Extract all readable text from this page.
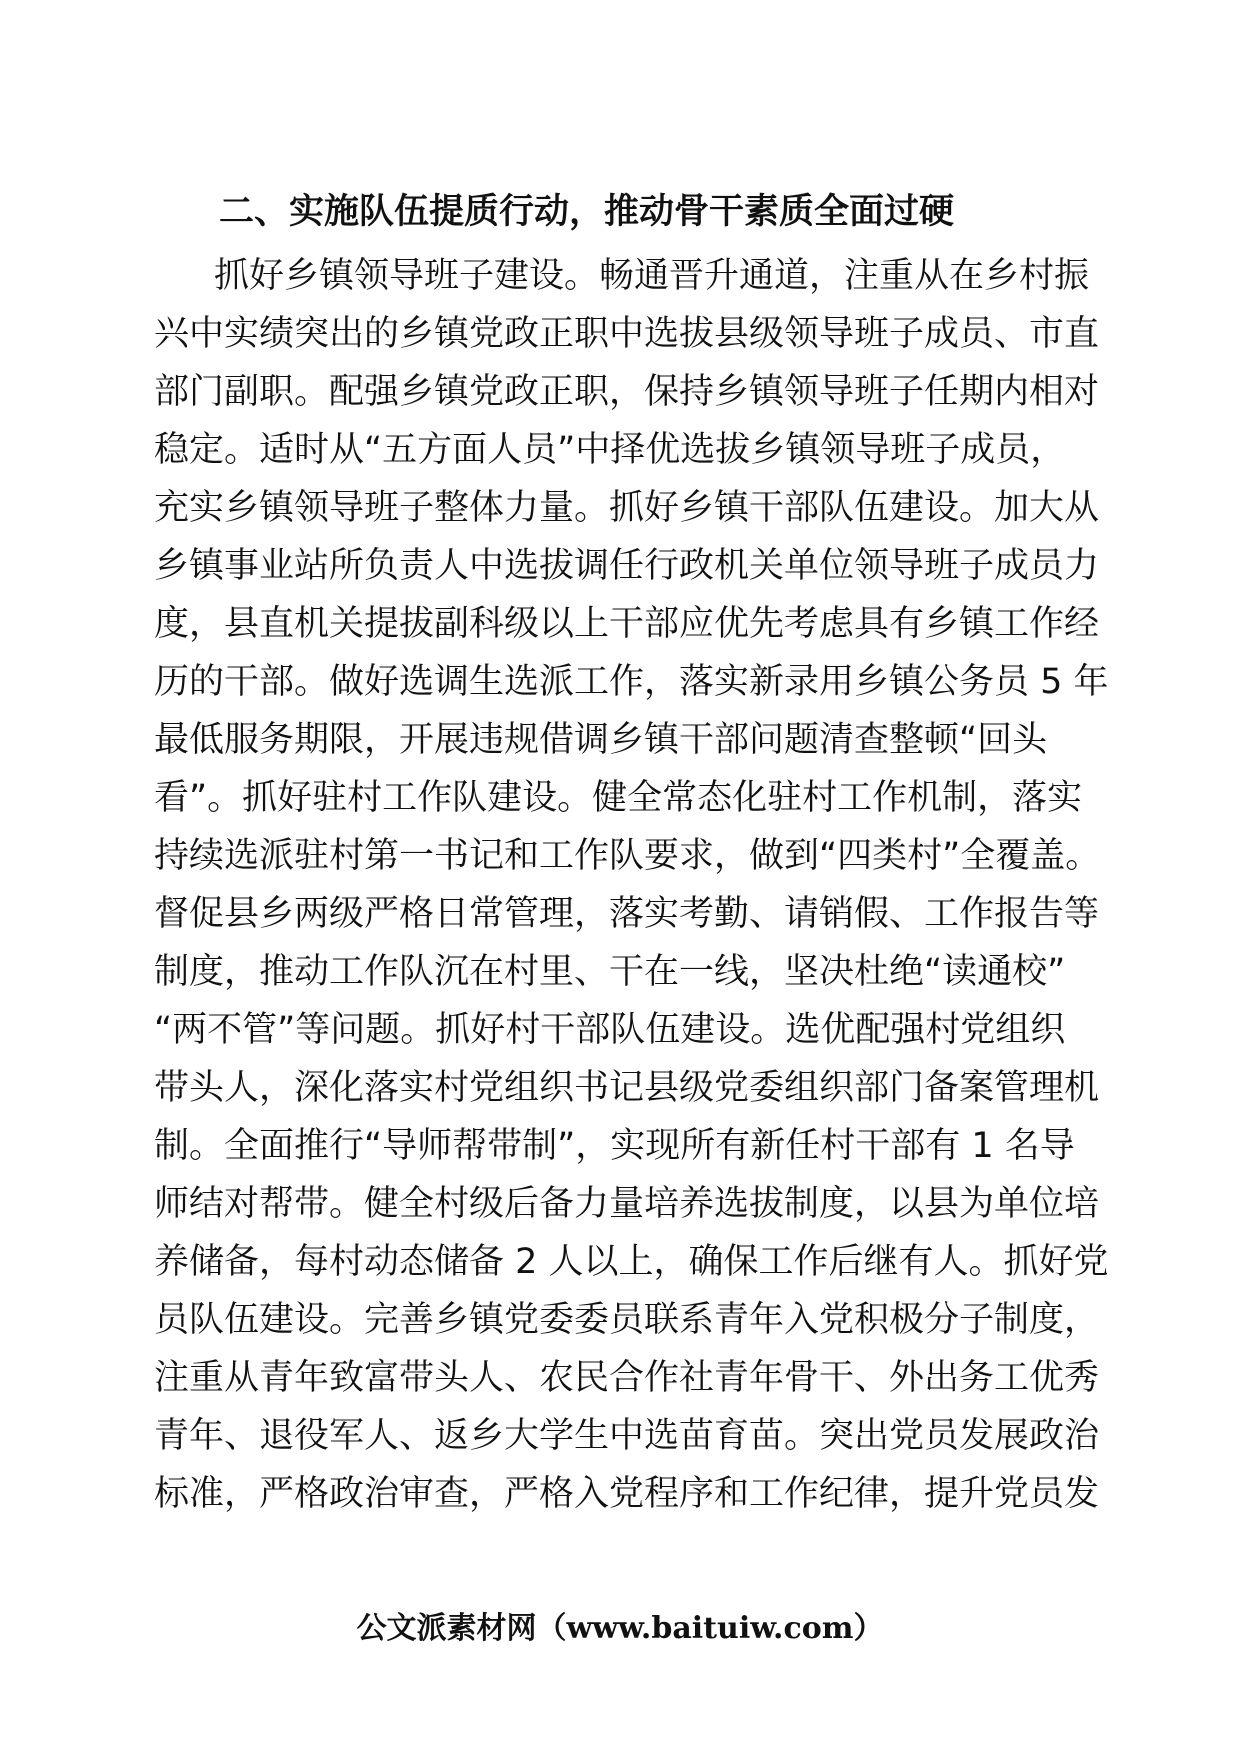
二、实施队伍提质行动，推动骨干素质全面过硬
抓好乡镇领导班子建设。畅通晋升通道，注重从在乡村振
兴中实绩突出的乡镇党政正职中选拔县级领导班子成员、市直
部门副职。配强乡镇党政正职，保持乡镇领导班子任期内相对
稳定。适时从“五方面人员”中择优选拔乡镇领导班子成员，
充实乡镇领导班子整体力量。抓好乡镇干部队伍建设。加大从
乡镇事业站所负责人中选拔调任行政机关单位领导班子成员力
度，县直机关提拔副科级以上干部应优先考虑具有乡镇工作经
历的干部。做好选调生选派工作，落实新录用乡镇公务员 5 年
最低服务期限，开展违规借调乡镇干部问题清查整顿“回头
看”。抓好驻村工作队建设。健全常态化驻村工作机制，落实
持续选派驻村第一书记和工作队要求，做到“四类村”全覆盖。
督促县乡两级严格日常管理，落实考勤、请销假、工作报告等
制度，推动工作队沉在村里、干在一线，坚决杜绝“读通校”
“两不管”等问题。抓好村干部队伍建设。选优配强村党组织
带头人，深化落实村党组织书记县级党委组织部门备案管理机
制。全面推行“导师帮带制”，实现所有新任村干部有 1 名导
师结对帮带。健全村级后备力量培养选拔制度，以县为单位培
养储备，每村动态储备 2 人以上，确保工作后继有人。抓好党
员队伍建设。完善乡镇党委委员联系青年入党积极分子制度，
注重从青年致富带头人、农民合作社青年骨干、外出务工优秀
青年、退役军人、返乡大学生中选苗育苗。突出党员发展政治
标准，严格政治审查，严格入党程序和工作纪律，提升党员发
公文派素材网（www.baituiw.com）
